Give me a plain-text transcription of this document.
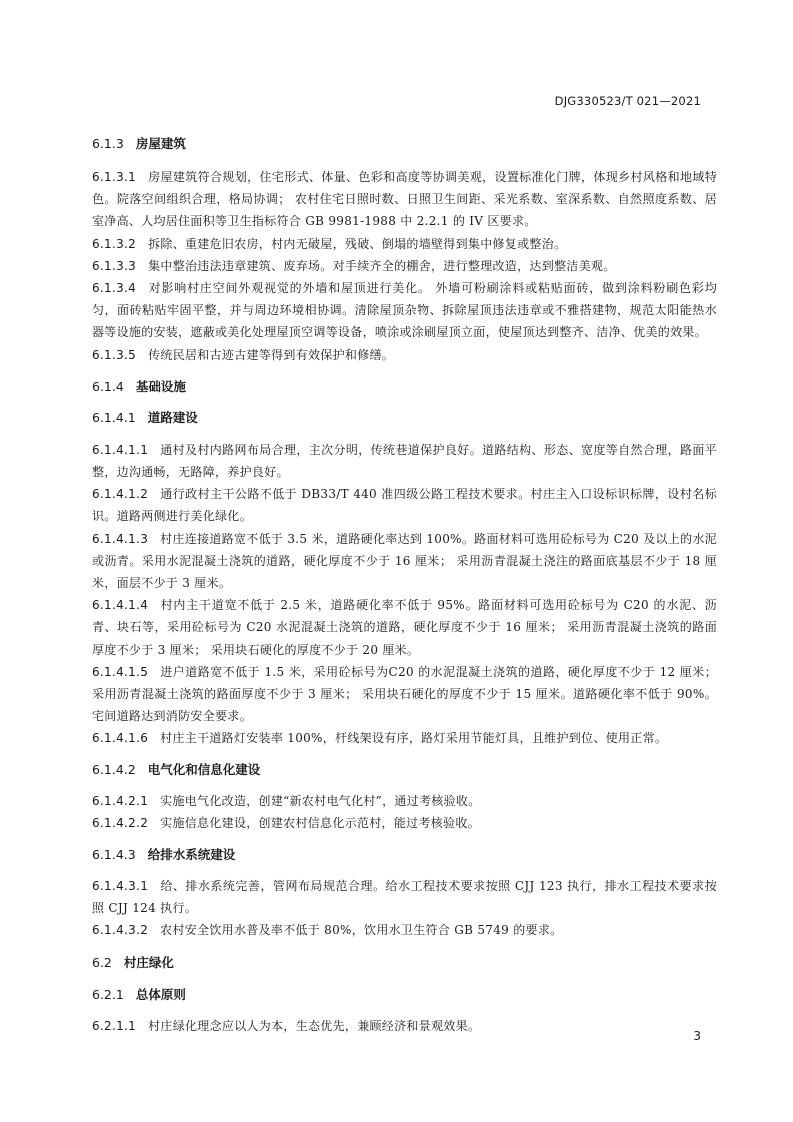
DJG330523/T 021—2021
6.1.3 房屋建筑
6.1.3.1 房屋建筑符合规划，住宅形式、体量、色彩和高度等协调美观，设置标准化门牌，体现乡村风格和地域特色。院落空间组织合理，格局协调； 农村住宅日照时数、日照卫生间距、采光系数、室深系数、自然照度系数、居室净高、人均居住面积等卫生指标符合 GB 9981-1988 中 2.2.1 的 IV 区要求。
6.1.3.2 拆除、重建危旧农房，村内无破屋，残破、倒塌的墙壁得到集中修复或整治。
6.1.3.3 集中整治违法违章建筑、废弃场。对手续齐全的棚舍，进行整理改造，达到整洁美观。
6.1.3.4 对影响村庄空间外观视觉的外墙和屋顶进行美化。 外墙可粉刷涂料或粘贴面砖，做到涂料粉刷色彩均匀，面砖粘贴牢固平整，并与周边环境相协调。清除屋顶杂物、拆除屋顶违法违章或不雅搭建物，规范太阳能热水器等设施的安装，遮蔽或美化处理屋顶空调等设备，喷涂或涂刷屋顶立面，使屋顶达到整齐、洁净、优美的效果。
6.1.3.5 传统民居和古迹古建等得到有效保护和修缮。
6.1.4 基础设施
6.1.4.1 道路建设
6.1.4.1.1 通村及村内路网布局合理，主次分明，传统巷道保护良好。道路结构、形态、宽度等自然合理，路面平整，边沟通畅，无路障，养护良好。
6.1.4.1.2 通行政村主干公路不低于 DB33/T 440 准四级公路工程技术要求。村庄主入口设标识标牌，设村名标识。道路两侧进行美化绿化。
6.1.4.1.3 村庄连接道路宽不低于 3.5 米，道路硬化率达到 100%。路面材料可选用砼标号为 C20 及以上的水泥或沥青。采用水泥混凝土浇筑的道路，硬化厚度不少于 16 厘米； 采用沥青混凝土浇注的路面底基层不少于 18 厘米，面层不少于 3 厘米。
6.1.4.1.4 村内主干道宽不低于 2.5 米，道路硬化率不低于 95%。路面材料可选用砼标号为 C20 的水泥、沥青、块石等，采用砼标号为 C20 水泥混凝土浇筑的道路，硬化厚度不少于 16 厘米； 采用沥青混凝土浇筑的路面厚度不少于 3 厘米； 采用块石硬化的厚度不少于 20 厘米。
6.1.4.1.5 进户道路宽不低于 1.5 米，采用砼标号为C20 的水泥混凝土浇筑的道路，硬化厚度不少于 12 厘米； 采用沥青混凝土浇筑的路面厚度不少于 3 厘米； 采用块石硬化的厚度不少于 15 厘米。道路硬化率不低于 90%。宅间道路达到消防安全要求。
6.1.4.1.6 村庄主干道路灯安装率 100%，杆线架设有序，路灯采用节能灯具，且维护到位、使用正常。
6.1.4.2 电气化和信息化建设
6.1.4.2.1 实施电气化改造，创建“新农村电气化村”，通过考核验收。
6.1.4.2.2 实施信息化建设，创建农村信息化示范村，能过考核验收。
6.1.4.3 给排水系统建设
6.1.4.3.1 给、排水系统完善，管网布局规范合理。给水工程技术要求按照 CJJ 123 执行，排水工程技术要求按照 CJJ 124 执行。
6.1.4.3.2 农村安全饮用水普及率不低于 80%，饮用水卫生符合 GB 5749 的要求。
6.2 村庄绿化
6.2.1 总体原则
6.2.1.1 村庄绿化理念应以人为本，生态优先，兼顾经济和景观效果。
3
